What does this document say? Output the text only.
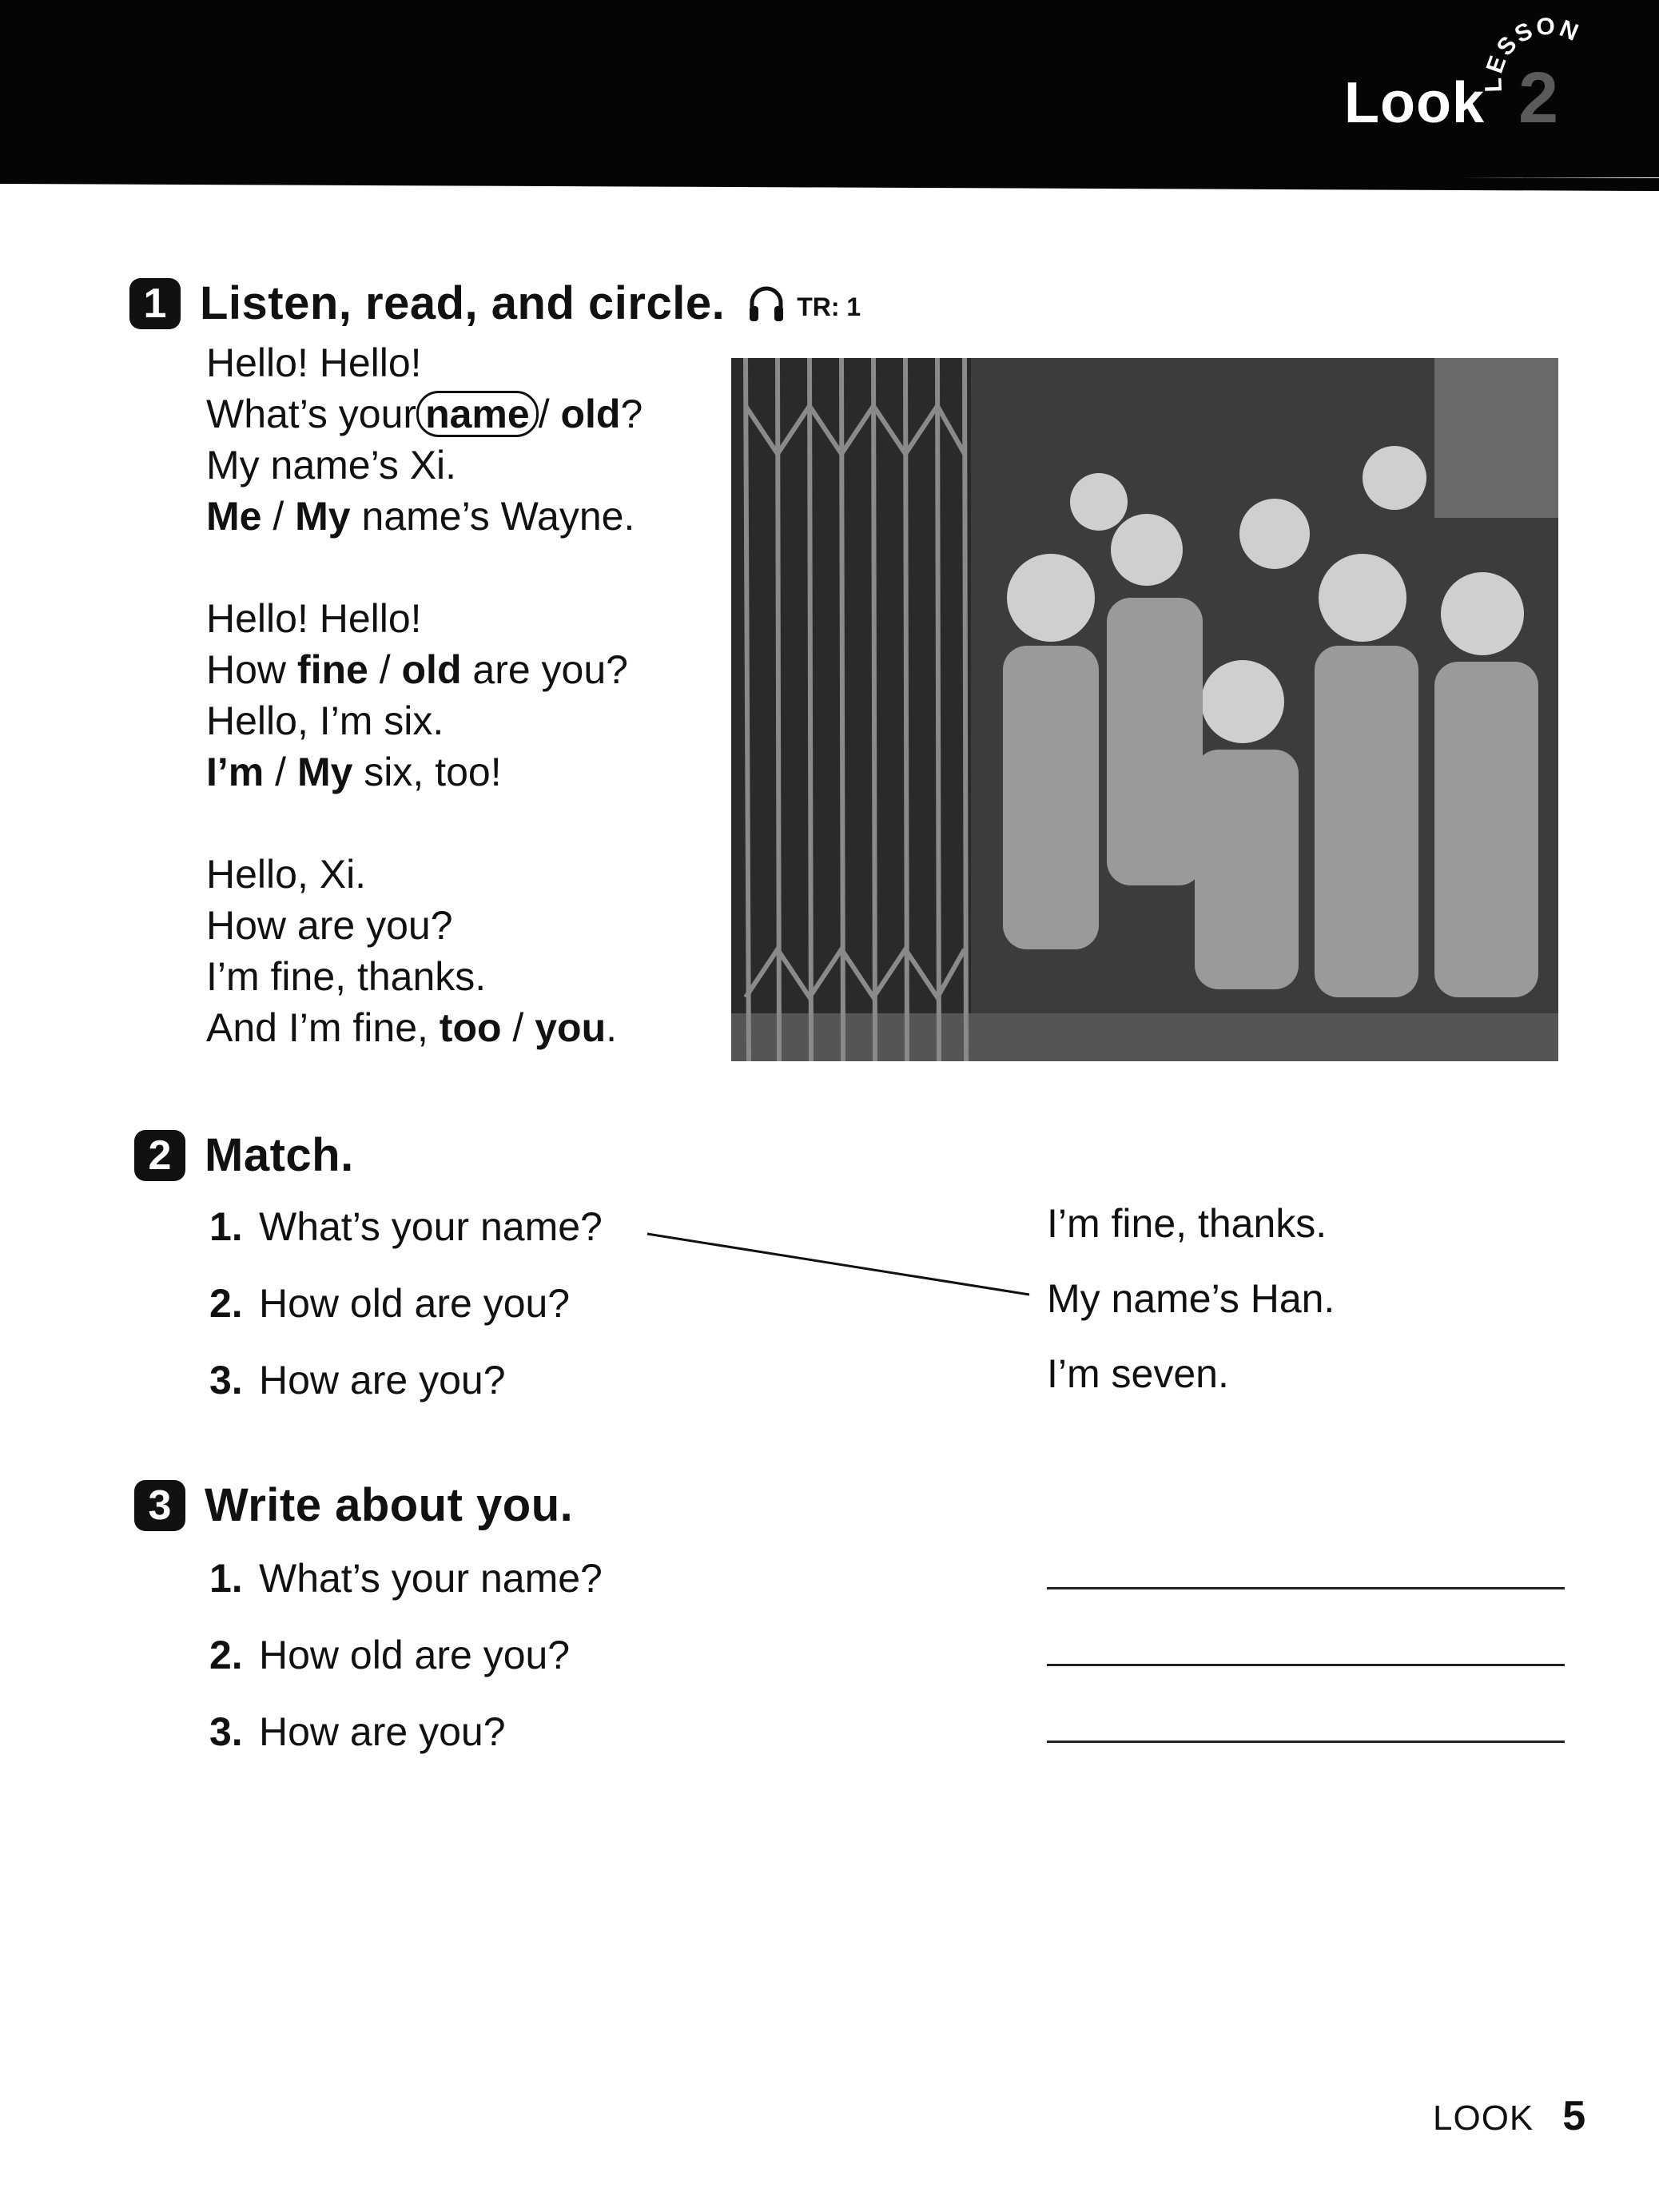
Look
LESSON
2
1 Listen, read, and circle.	TR: 1
Hello! Hello!
What’s your name / old?
My name’s Xi.
Me / My name’s Wayne.
Hello! Hello!
How fine / old are you?
Hello, I’m six.
I’m / My six, too!
Hello, Xi.
How are you?
I’m fine, thanks.
And I’m fine, too / you.
2 Match.
1. What’s your name?
2. How old are you?
3. How are you?
I’m fine, thanks.
My name’s Han.
I’m seven.
3 Write about you.
1. What’s your name?
2. How old are you?
3. How are you?
LOOK 5
